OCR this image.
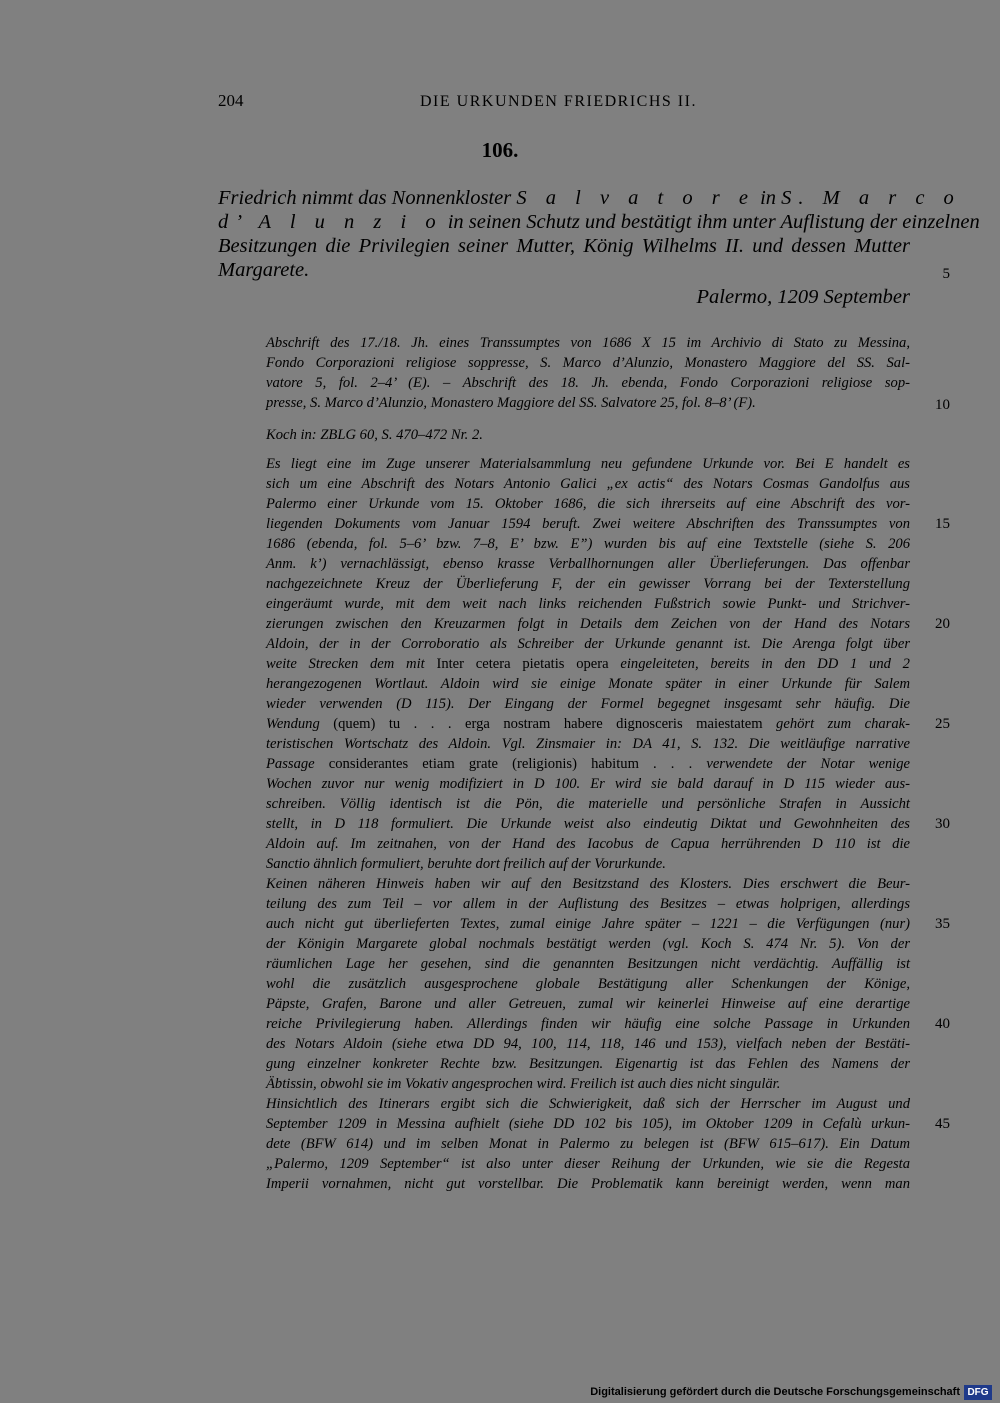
204	DIE URKUNDEN FRIEDRICHS II.
106.
Friedrich nimmt das Nonnenkloster S a l v a t o r e in S. M a r c o
d’ A l u n z i o in seinen Schutz und bestätigt ihm unter Auflistung der einzelnen
Besitzungen die Privilegien seiner Mutter, König Wilhelms II. und dessen Mutter
Margarete.
Palermo, 1209 September
Abschrift des 17./18. Jh. eines Transsumptes von 1686 X 15 im Archivio di Stato zu Messina,
Fondo Corporazioni religiose soppresse, S. Marco d’Alunzio, Monastero Maggiore del SS. Sal-
vatore 5, fol. 2–4’ (E). – Abschrift des 18. Jh. ebenda, Fondo Corporazioni religiose sop-
presse, S. Marco d’Alunzio, Monastero Maggiore del SS. Salvatore 25, fol. 8–8’ (F).
Koch in: ZBLG 60, S. 470–472 Nr. 2.
Es liegt eine im Zuge unserer Materialsammlung neu gefundene Urkunde vor. Bei E handelt es
sich um eine Abschrift des Notars Antonio Galici „ex actis“ des Notars Cosmas Gandolfus aus
Palermo einer Urkunde vom 15. Oktober 1686, die sich ihrerseits auf eine Abschrift des vor-
liegenden Dokuments vom Januar 1594 beruft. Zwei weitere Abschriften des Transsumptes von
1686 (ebenda, fol. 5–6’ bzw. 7–8, E’ bzw. E”) wurden bis auf eine Textstelle (siehe S. 206
Anm. k’) vernachlässigt, ebenso krasse Verballhornungen aller Überlieferungen. Das offenbar
nachgezeichnete Kreuz der Überlieferung F, der ein gewisser Vorrang bei der Texterstellung
eingeräumt wurde, mit dem weit nach links reichenden Fußstrich sowie Punkt- und Strichver-
zierungen zwischen den Kreuzarmen folgt in Details dem Zeichen von der Hand des Notars
Aldoin, der in der Corroboratio als Schreiber der Urkunde genannt ist. Die Arenga folgt über
weite Strecken dem mit Inter cetera pietatis opera eingeleiteten, bereits in den DD 1 und 2
herangezogenen Wortlaut. Aldoin wird sie einige Monate später in einer Urkunde für Salem
wieder verwenden (D 115). Der Eingang der Formel begegnet insgesamt sehr häufig. Die
Wendung (quem) tu . . . erga nostram habere dignosceris maiestatem gehört zum charak-
teristischen Wortschatz des Aldoin. Vgl. Zinsmaier in: DA 41, S. 132. Die weitläufige narrative
Passage considerantes etiam grate (religionis) habitum . . . verwendete der Notar wenige
Wochen zuvor nur wenig modifiziert in D 100. Er wird sie bald darauf in D 115 wieder aus-
schreiben. Völlig identisch ist die Pön, die materielle und persönliche Strafen in Aussicht
stellt, in D 118 formuliert. Die Urkunde weist also eindeutig Diktat und Gewohnheiten des
Aldoin auf. Im zeitnahen, von der Hand des Iacobus de Capua herrührenden D 110 ist die
Sanctio ähnlich formuliert, beruhte dort freilich auf der Vorurkunde.
Keinen näheren Hinweis haben wir auf den Besitzstand des Klosters. Dies erschwert die Beur-
teilung des zum Teil – vor allem in der Auflistung des Besitzes – etwas holprigen, allerdings
auch nicht gut überlieferten Textes, zumal einige Jahre später – 1221 – die Verfügungen (nur)
der Königin Margarete global nochmals bestätigt werden (vgl. Koch S. 474 Nr. 5). Von der
räumlichen Lage her gesehen, sind die genannten Besitzungen nicht verdächtig. Auffällig ist
wohl die zusätzlich ausgesprochene globale Bestätigung aller Schenkungen der Könige,
Päpste, Grafen, Barone und aller Getreuen, zumal wir keinerlei Hinweise auf eine derartige
reiche Privilegierung haben. Allerdings finden wir häufig eine solche Passage in Urkunden
des Notars Aldoin (siehe etwa DD 94, 100, 114, 118, 146 und 153), vielfach neben der Bestäti-
gung einzelner konkreter Rechte bzw. Besitzungen. Eigenartig ist das Fehlen des Namens der
Äbtissin, obwohl sie im Vokativ angesprochen wird. Freilich ist auch dies nicht singulär.
Hinsichtlich des Itinerars ergibt sich die Schwierigkeit, daß sich der Herrscher im August und
September 1209 in Messina aufhielt (siehe DD 102 bis 105), im Oktober 1209 in Cefalù urkun-
dete (BFW 614) und im selben Monat in Palermo zu belegen ist (BFW 615–617). Ein Datum
„Palermo, 1209 September“ ist also unter dieser Reihung der Urkunden, wie sie die Regesta
Imperii vornahmen, nicht gut vorstellbar. Die Problematik kann bereinigt werden, wenn man
5
10
15
20
25
30
35
40
45
Digitalisierung gefördert durch die Deutsche Forschungsgemeinschaft DFG
